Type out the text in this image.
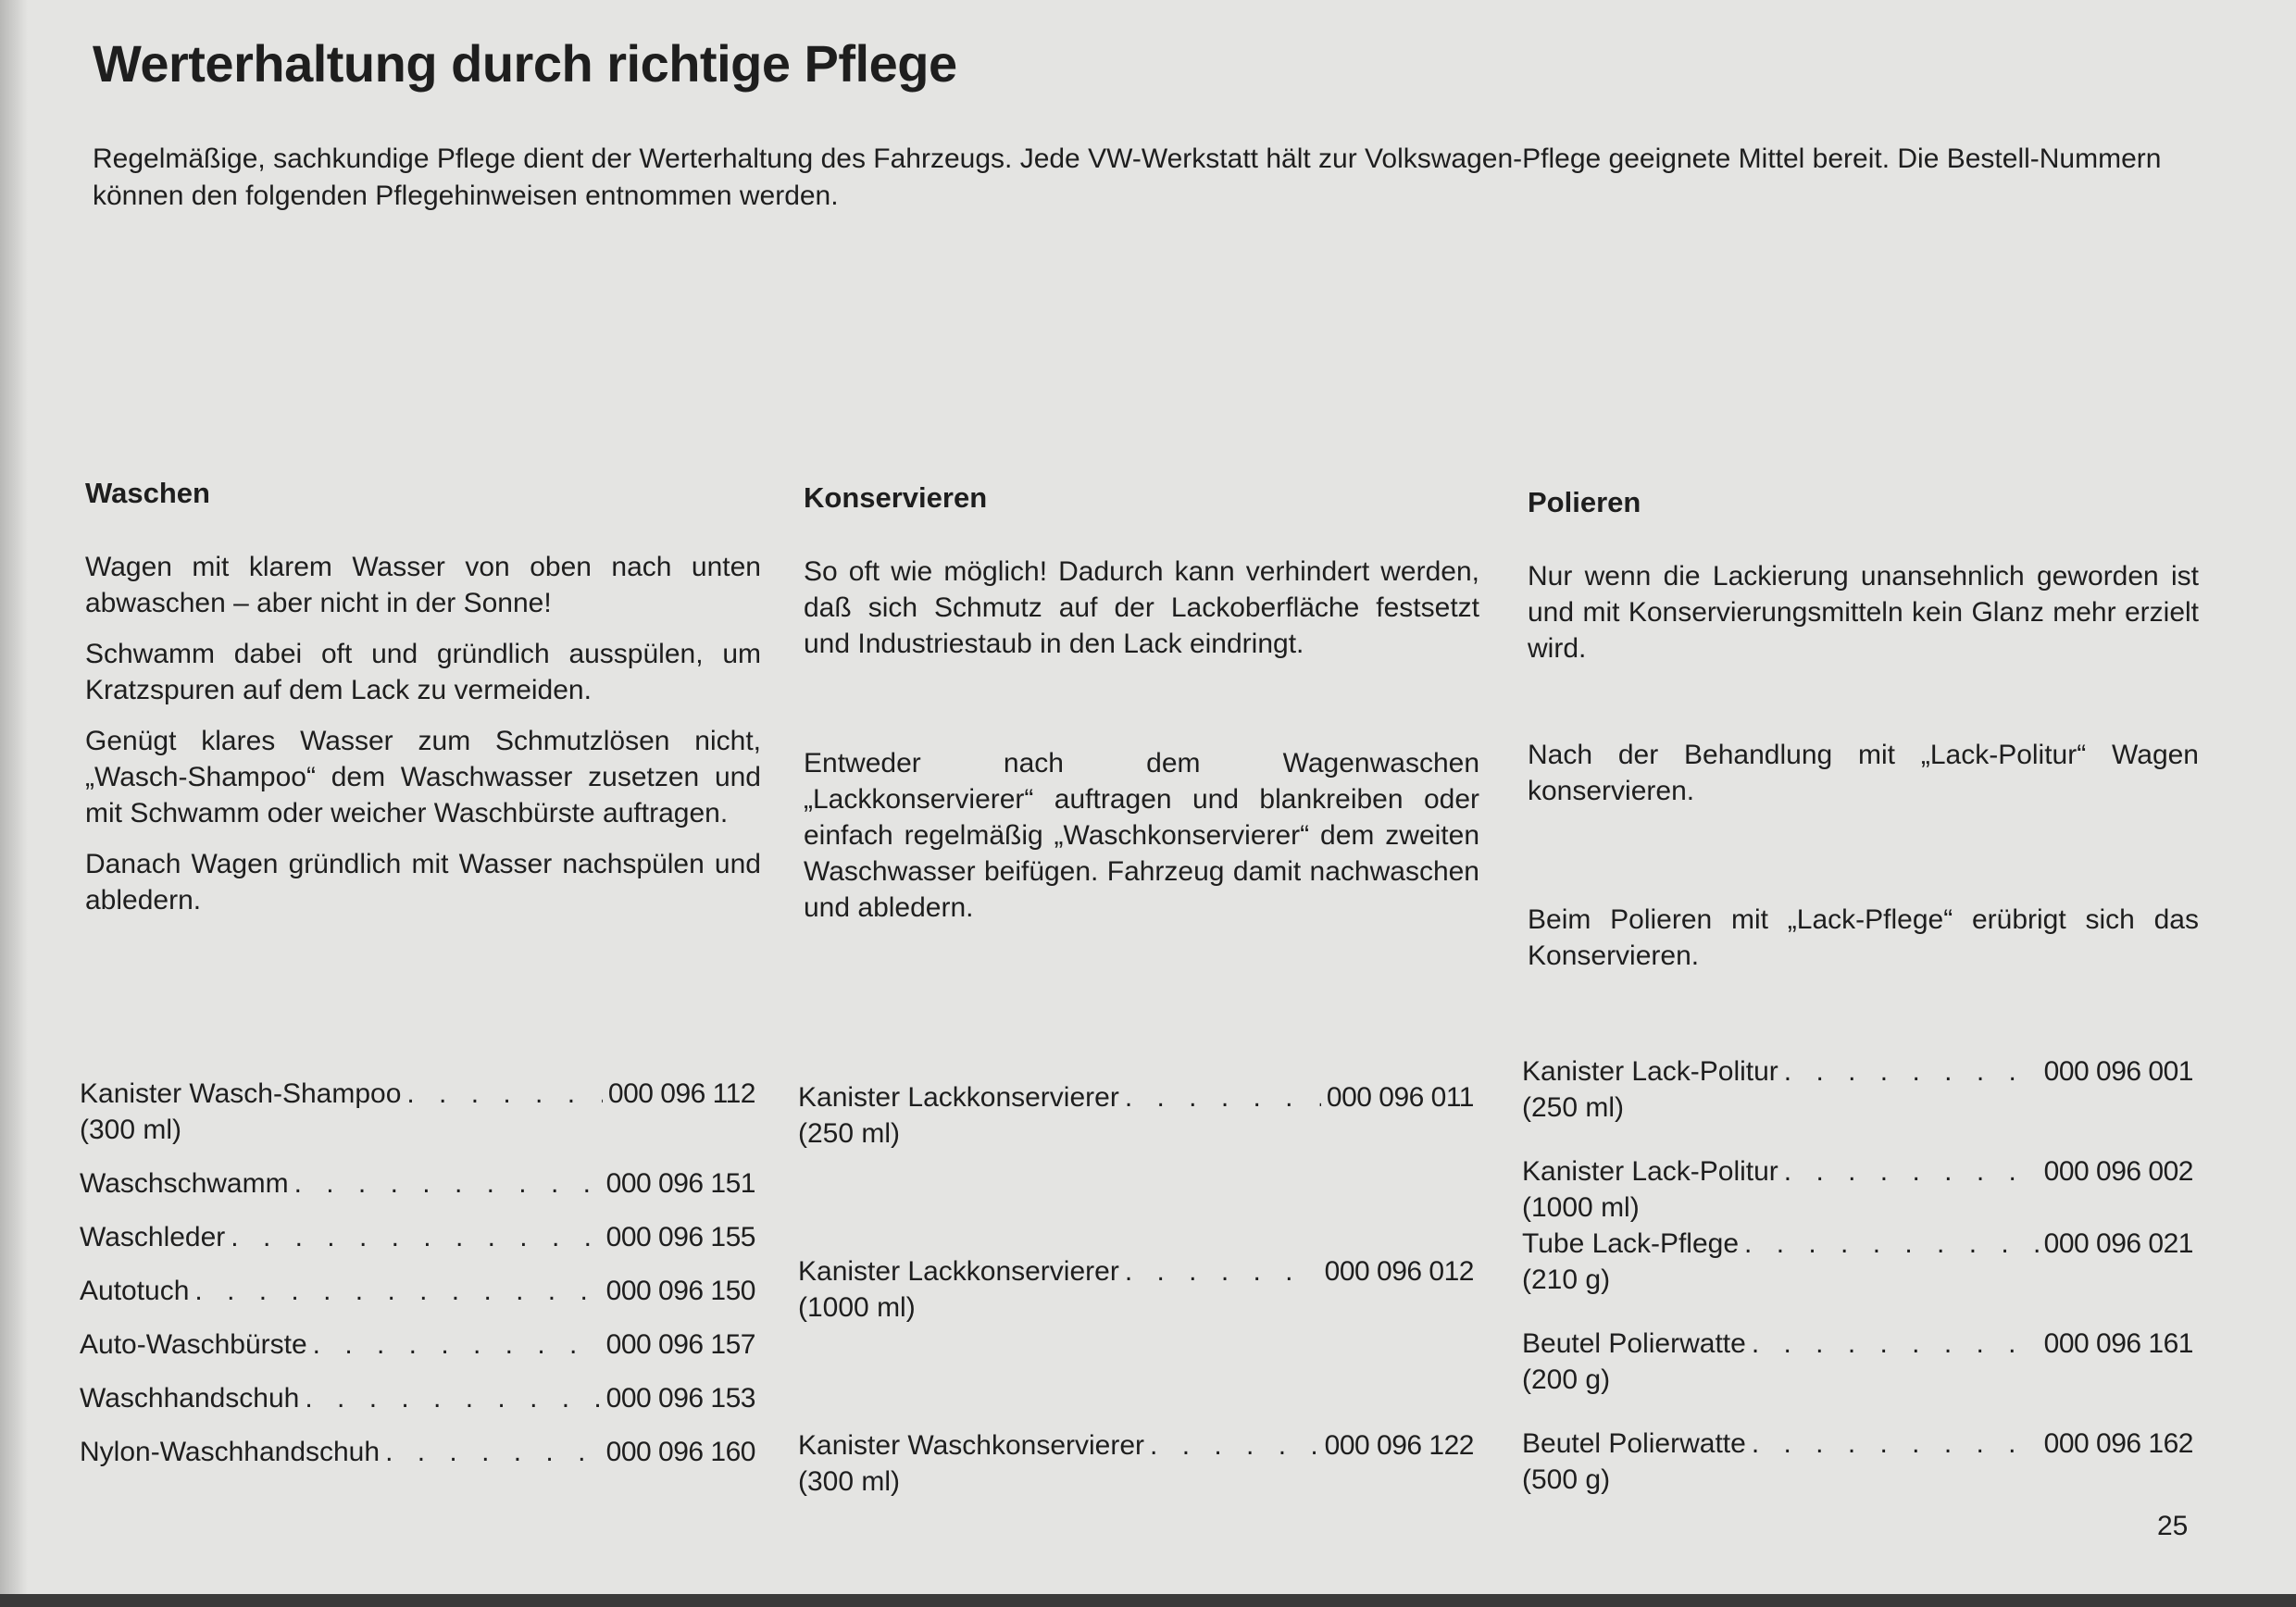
Werterhaltung durch richtige Pflege

Regelmäßige, sachkundige Pflege dient der Werterhaltung des Fahrzeugs. Jede VW-Werkstatt hält zur Volkswagen-Pflege geeignete Mittel bereit. Die Bestell-Nummern können den folgenden Pflegehinweisen entnommen werden.

Waschen

Wagen mit klarem Wasser von oben nach unten abwaschen – aber nicht in der Sonne!

Schwamm dabei oft und gründlich ausspülen, um Kratzspuren auf dem Lack zu vermeiden.

Genügt klares Wasser zum Schmutzlösen nicht, „Wasch-Shampoo“ dem Waschwasser zusetzen und mit Schwamm oder weicher Waschbürste auftragen.

Danach Wagen gründlich mit Wasser nachspülen und abledern.

Konservieren

So oft wie möglich! Dadurch kann verhindert werden, daß sich Schmutz auf der Lackoberfläche festsetzt und Industriestaub in den Lack eindringt.

Entweder nach dem Wagenwaschen „Lackkonservierer“ auftragen und blankreiben oder einfach regelmäßig „Waschkonservierer“ dem zweiten Waschwasser beifügen. Fahrzeug damit nachwaschen und abledern.

Polieren

Nur wenn die Lackierung unansehnlich geworden ist und mit Konservierungsmitteln kein Glanz mehr erzielt wird.

Nach der Behandlung mit „Lack-Politur“ Wagen konservieren.

Beim Polieren mit „Lack-Pflege“ erübrigt sich das Konservieren.

Kanister Wasch-Shampoo . . .	000 096 112
(300 ml)
Waschschwamm . . .	000 096 151
Waschleder . . .	000 096 155
Autotuch . . .	000 096 150
Auto-Waschbürste . . .	000 096 157
Waschhandschuh . . .	000 096 153
Nylon-Waschhandschuh . . .	000 096 160
Kanister Lackkonservierer . . .	000 096 011
(250 ml)
Kanister Lackkonservierer . . .	000 096 012
(1000 ml)
Kanister Waschkonservierer . . .	000 096 122
(300 ml)
Kanister Lack-Politur . . .	000 096 001
(250 ml)
Kanister Lack-Politur . . .	000 096 002
(1000 ml)
Tube Lack-Pflege . . .	000 096 021
(210 g)
Beutel Polierwatte . . .	000 096 161
(200 g)
Beutel Polierwatte . . .	000 096 162
(500 g)
25
